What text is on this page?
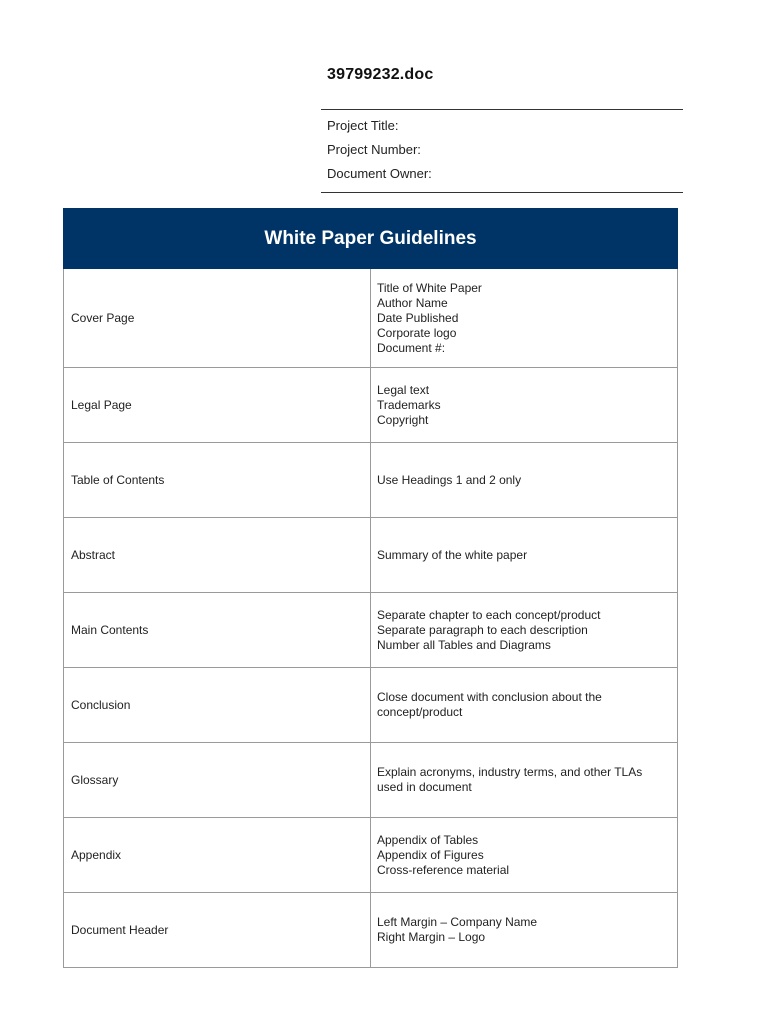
39799232.doc
Project Title:
Project Number:
Document Owner:
White Paper Guidelines	
Cover Page	Title of White Paper
Author Name
Date Published
Corporate logo
Document #:

Legal Page	Legal text
Trademarks
Copyright

Table of Contents	Use Headings 1 and 2 only

Abstract	Summary of the white paper

Main Contents	Separate chapter to each concept/product
Separate paragraph to each description
Number all Tables and Diagrams

Conclusion	Close document with conclusion about the concept/product

Glossary	Explain acronyms, industry terms, and other TLAs used in document

Appendix	Appendix of Tables
Appendix of Figures
Cross-reference material

Document Header	Left Margin – Company Name
Right Margin – Logo
